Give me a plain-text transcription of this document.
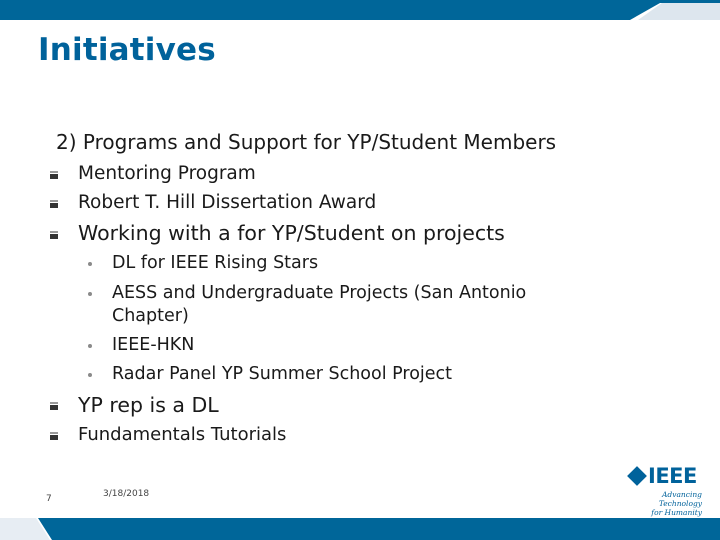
Initiatives
2) Programs and Support for YP/Student Members
Mentoring Program
Robert T. Hill Dissertation Award
Working with a for YP/Student on projects
DL for IEEE Rising Stars
AESS and Undergraduate Projects (San Antonio
Chapter)
IEEE-HKN
Radar Panel YP Summer School Project
YP rep is a DL
Fundamentals Tutorials
7	3/18/2018
IEEE
Advancing Technology
for Humanity
